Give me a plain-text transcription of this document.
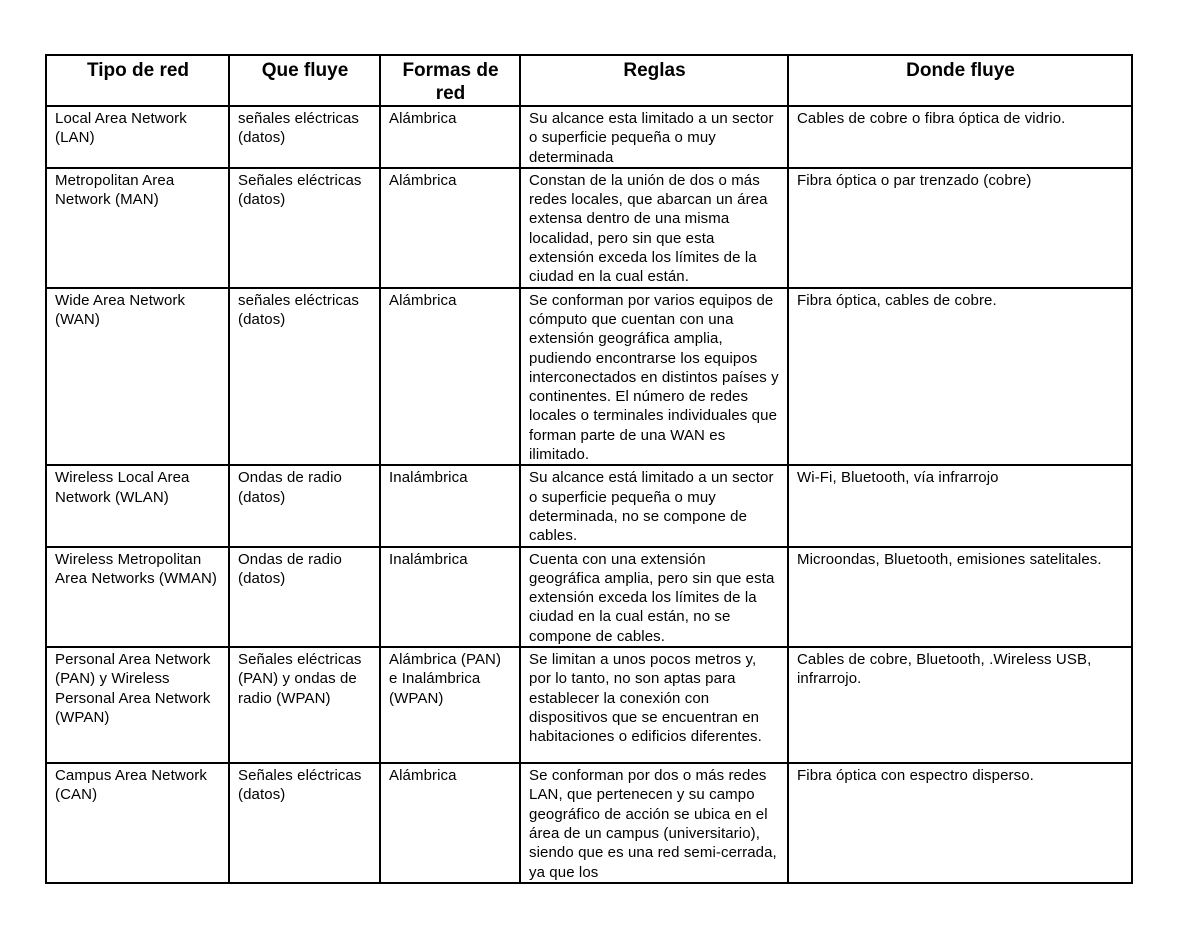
Tipo de red	Que fluye	Formas de red	Reglas	Donde fluye
Local Area Network (LAN)	señales eléctricas (datos)	Alámbrica	Su alcance esta limitado a un sector o superficie pequeña o muy determinada	Cables de cobre o fibra óptica de vidrio.
Metropolitan Area Network (MAN)	Señales eléctricas (datos)	Alámbrica	Constan de la unión de dos o más redes locales, que abarcan un área extensa dentro de una misma localidad, pero sin que esta extensión exceda los límites de la ciudad en la cual están.	Fibra óptica o par trenzado (cobre)
Wide Area Network (WAN)	señales eléctricas (datos)	Alámbrica	Se conforman por varios equipos de cómputo que cuentan con una extensión geográfica amplia, pudiendo encontrarse los equipos interconectados en distintos países y continentes. El número de redes locales o terminales individuales que forman parte de una WAN es ilimitado.	Fibra óptica, cables de cobre.
Wireless Local Area Network (WLAN)	Ondas de radio (datos)	Inalámbrica	Su alcance está limitado a un sector o superficie pequeña o muy determinada, no se compone de cables.	Wi-Fi, Bluetooth, vía infrarrojo
Wireless Metropolitan Area Networks (WMAN)	Ondas de radio (datos)	Inalámbrica	Cuenta con una extensión geográfica amplia, pero sin que esta extensión exceda los límites de la ciudad en la cual están, no se compone de cables.	Microondas, Bluetooth, emisiones satelitales.
Personal Area Network (PAN) y Wireless Personal Area Network (WPAN)	Señales eléctricas (PAN) y ondas de radio (WPAN)	Alámbrica (PAN) e Inalámbrica (WPAN)	Se limitan a unos pocos metros y, por lo tanto, no son aptas para establecer la conexión con dispositivos que se encuentran en habitaciones o edificios diferentes.	Cables de cobre, Bluetooth, .Wireless USB, infrarrojo.
Campus Area Network (CAN)	Señales eléctricas (datos)	Alámbrica	Se conforman por dos o más redes LAN, que pertenecen y su campo geográfico de acción se ubica en el área de un campus (universitario), siendo que es una red semi-cerrada, ya que los	Fibra óptica con espectro disperso.
